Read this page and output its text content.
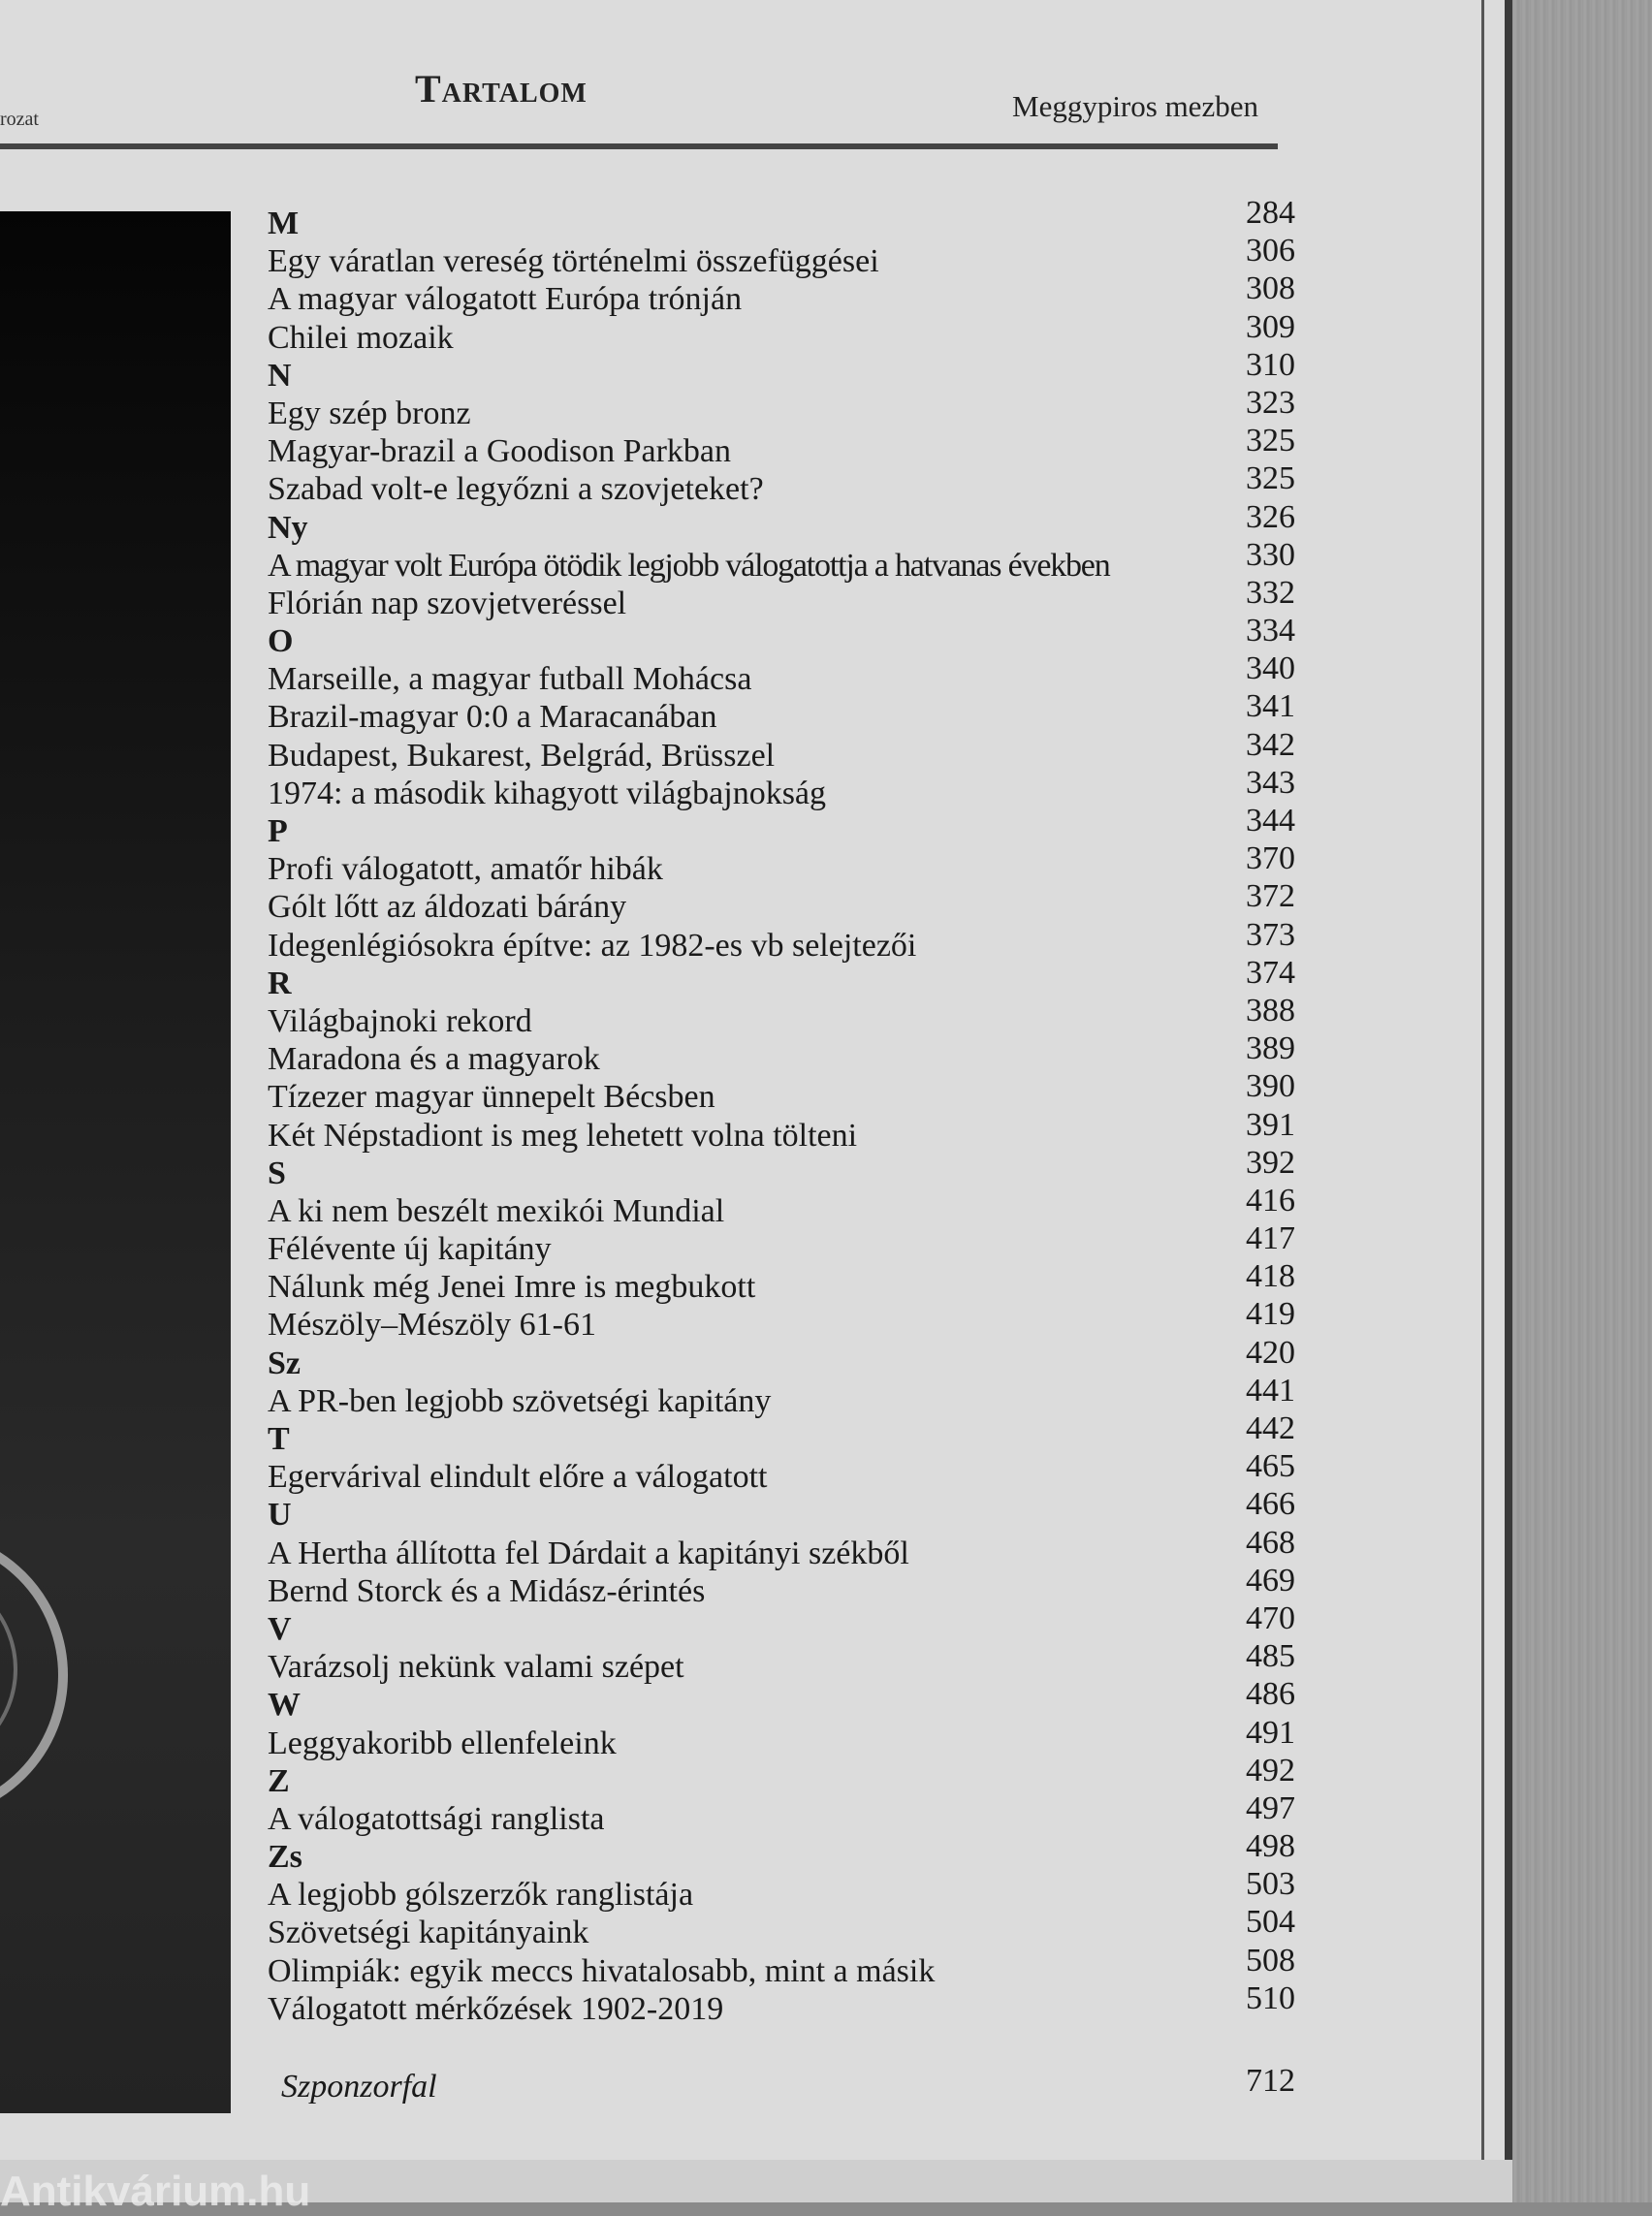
rozat
Tartalom	Meggypiros mezben
M	284
Egy váratlan vereség történelmi összefüggései	306
A magyar válogatott Európa trónján	308
Chilei mozaik	309
N	310
Egy szép bronz	323
Magyar-brazil a Goodison Parkban	325
Szabad volt-e legyőzni a szovjeteket?	325
Ny	326
A magyar volt Európa ötödik legjobb válogatottja a hatvanas években	330
Flórián nap szovjetveréssel	332
O	334
Marseille, a magyar futball Mohácsa	340
Brazil-magyar 0:0 a Maracanában	341
Budapest, Bukarest, Belgrád, Brüsszel	342
1974: a második kihagyott világbajnokság	343
P	344
Profi válogatott, amatőr hibák	370
Gólt lőtt az áldozati bárány	372
Idegenlégiósokra építve: az 1982-es vb selejtezői	373
R	374
Világbajnoki rekord	388
Maradona és a magyarok	389
Tízezer magyar ünnepelt Bécsben	390
Két Népstadiont is meg lehetett volna tölteni	391
S	392
A ki nem beszélt mexikói Mundial	416
Félévente új kapitány	417
Nálunk még Jenei Imre is megbukott	418
Mészöly–Mészöly 61-61	419
Sz	420
A PR-ben legjobb szövetségi kapitány	441
T	442
Egervárival elindult előre a válogatott	465
U	466
A Hertha állította fel Dárdait a kapitányi székből	468
Bernd Storck és a Midász-érintés	469
V	470
Varázsolj nekünk valami szépet	485
W	486
Leggyakoribb ellenfeleink	491
Z	492
A válogatottsági ranglista	497
Zs	498
A legjobb gólszerzők ranglistája	503
Szövetségi kapitányaink	504
Olimpiák: egyik meccs hivatalosabb, mint a másik	508
Válogatott mérkőzések 1902-2019	510
Szponzorfal	712
Antikvárium.hu
